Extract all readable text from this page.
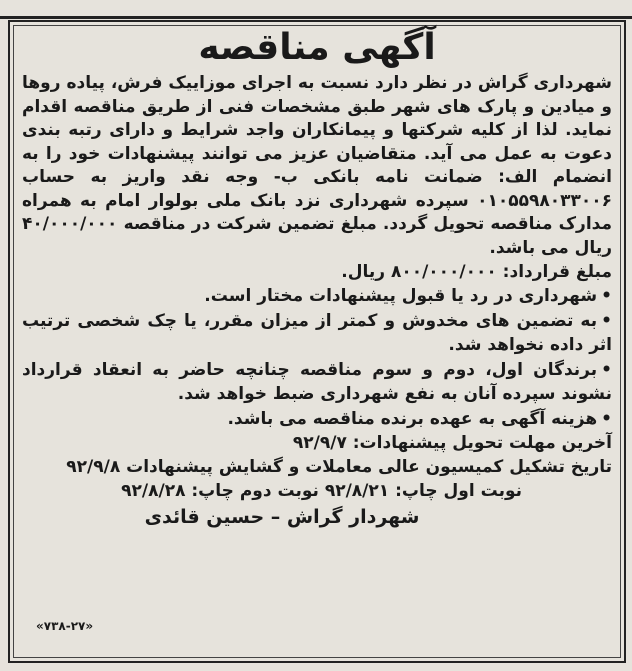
آگهی مناقصه

شهرداری گراش در نظر دارد نسبت به اجرای موزاییک فرش، پیاده روها و میادین و پارک های شهر طبق مشخصات فنی از طریق مناقصه اقدام نماید. لذا از کلیه شرکتها و پیمانکاران واجد شرایط و دارای رتبه بندی دعوت به عمل می آید. متقاضیان عزیز می توانند پیشنهادات خود را به انضمام الف: ضمانت نامه بانکی ب- وجه نقد واریز به حساب ۰۱۰۵۵۹۸۰۳۳۰۰۶ سپرده شهرداری نزد بانک ملی بولوار امام به همراه مدارک مناقصه تحویل گردد. مبلغ تضمین شرکت در مناقصه ۴۰/۰۰۰/۰۰۰ ریال می باشد.

مبلغ قرارداد: ۸۰۰/۰۰۰/۰۰۰ ریال.

•شهرداری در رد یا قبول پیشنهادات مختار است.

•به تضمین های مخدوش و کمتر از میزان مقرر، یا چک شخصی ترتیب اثر داده نخواهد شد.

•برندگان اول، دوم و سوم مناقصه چنانچه حاضر به انعقاد قرارداد نشوند سپرده آنان به نفع شهرداری ضبط خواهد شد.

•هزینه آگهی به عهده برنده مناقصه می باشد.

آخرین مهلت تحویل پیشنهادات: ۹۲/۹/۷

تاریخ تشکیل کمیسیون عالی معاملات و گشایش پیشنهادات ۹۲/۹/۸

نوبت اول چاپ: ۹۲/۸/۲۱ نوبت دوم چاپ: ۹۲/۸/۲۸

شهردار گراش – حسین قائدی
«۷۳۸-۲۷»
